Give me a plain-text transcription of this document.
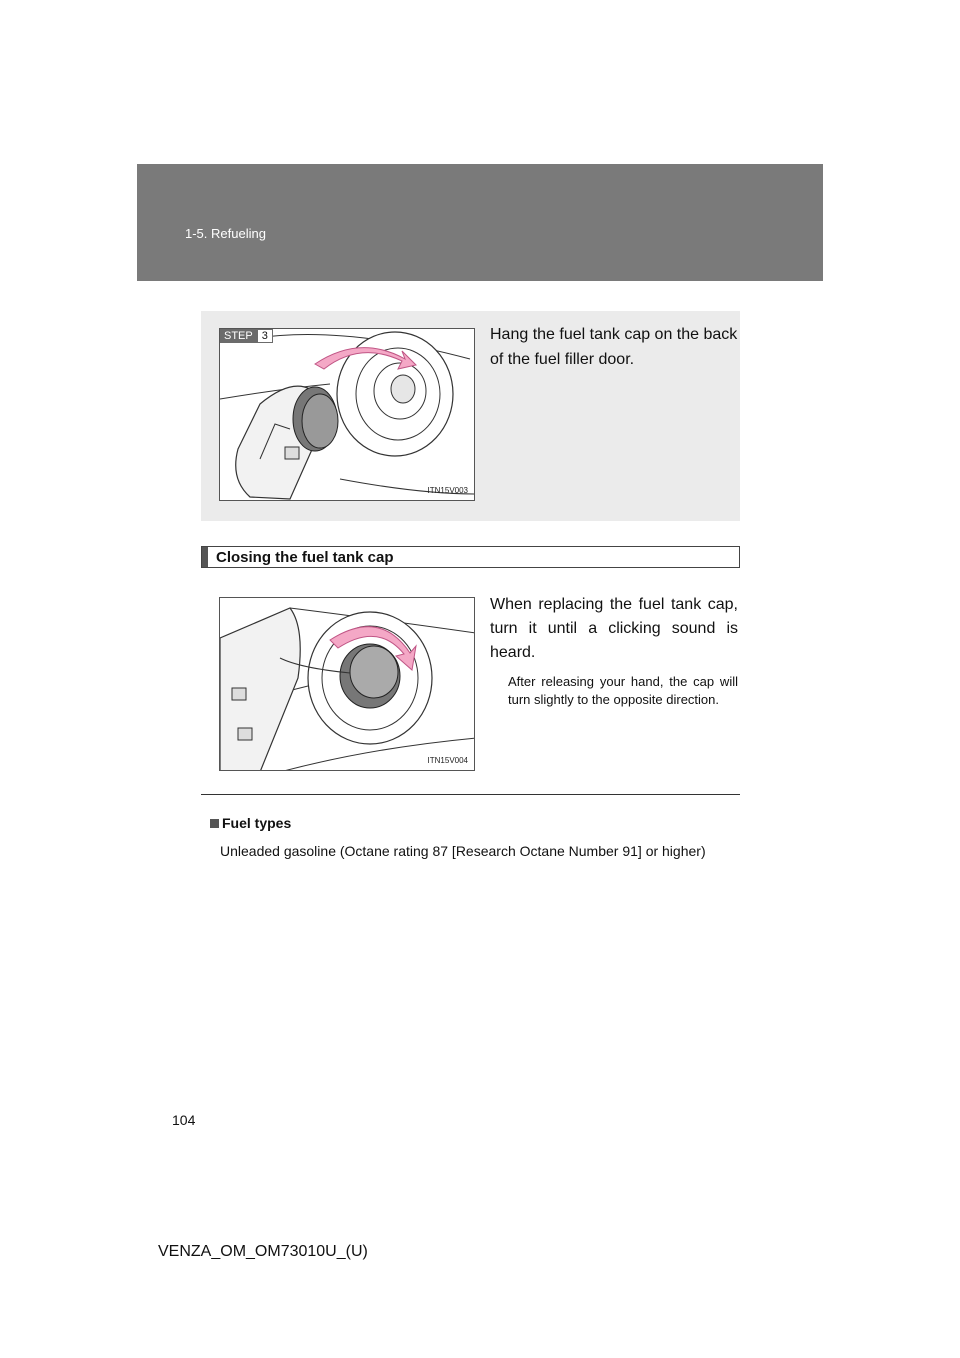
1-5. Refueling
STEP 3
ITN15V003
Hang the fuel tank cap on the back of the fuel filler door.
Closing the fuel tank cap
ITN15V004
When replacing the fuel tank cap, turn it until a clicking sound is heard.
After releasing your hand, the cap will turn slightly to the opposite direction.
Fuel types
Unleaded gasoline (Octane rating 87 [Research Octane Number 91] or higher)
104
VENZA_OM_OM73010U_(U)
